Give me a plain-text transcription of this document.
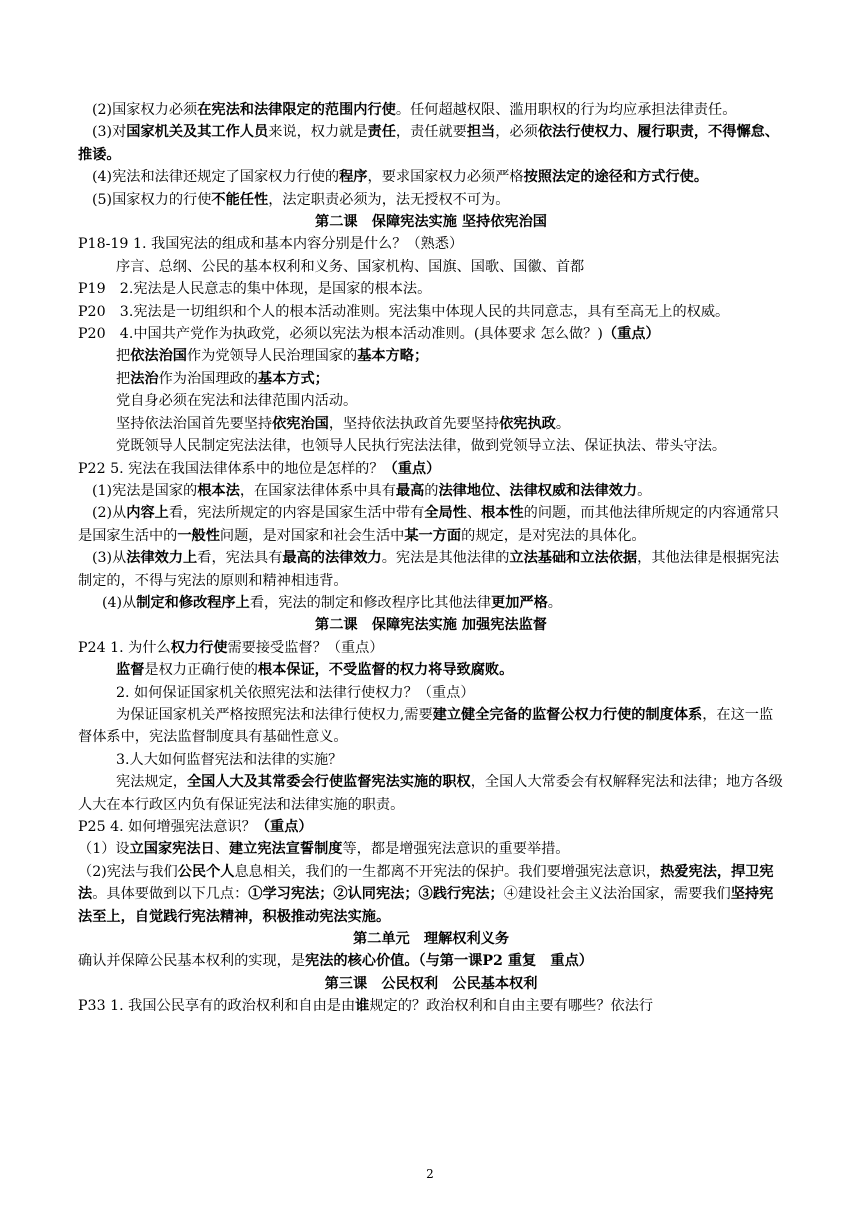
(2)国家权力必须在宪法和法律限定的范围内行使。任何超越权限、滥用职权的行为均应承担法律责任。

(3)对国家机关及其工作人员来说，权力就是责任，责任就要担当，必须依法行使权力、履行职责，不得懈怠、推诿。

(4)宪法和法律还规定了国家权力行使的程序，要求国家权力必须严格按照法定的途径和方式行使。

(5)国家权力的行使不能任性，法定职责必须为，法无授权不可为。

第二课　保障宪法实施 坚持依宪治国

P18-19 1. 我国宪法的组成和基本内容分别是什么？（熟悉）

序言、总纲、公民的基本权利和义务、国家机构、国旗、国歌、国徽、首都

P19　2.宪法是人民意志的集中体现，是国家的根本法。

P20　3.宪法是一切组织和个人的根本活动准则。宪法集中体现人民的共同意志，具有至高无上的权威。

P20　4.中国共产党作为执政党，必须以宪法为根本活动准则。(具体要求 怎么做？)（重点）

把依法治国作为党领导人民治理国家的基本方略；

把法治作为治国理政的基本方式；

党自身必须在宪法和法律范围内活动。

坚持依法治国首先要坚持依宪治国，坚持依法执政首先要坚持依宪执政。

党既领导人民制定宪法法律，也领导人民执行宪法法律，做到党领导立法、保证执法、带头守法。

P22 5. 宪法在我国法律体系中的地位是怎样的？（重点）

(1)宪法是国家的根本法，在国家法律体系中具有最高的法律地位、法律权威和法律效力。

(2)从内容上看，宪法所规定的内容是国家生活中带有全局性、根本性的问题，而其他法律所规定的内容通常只是国家生活中的一般性问题，是对国家和社会生活中某一方面的规定，是对宪法的具体化。

(3)从法律效力上看，宪法具有最高的法律效力。宪法是其他法律的立法基础和立法依据，其他法律是根据宪法制定的，不得与宪法的原则和精神相违背。

(4)从制定和修改程序上看，宪法的制定和修改程序比其他法律更加严格。

第二课　保障宪法实施 加强宪法监督

P24 1. 为什么权力行使需要接受监督？（重点）

监督是权力正确行使的根本保证，不受监督的权力将导致腐败。

2. 如何保证国家机关依照宪法和法律行使权力？（重点）

为保证国家机关严格按照宪法和法律行使权力,需要建立健全完备的监督公权力行使的制度体系，在这一监督体系中，宪法监督制度具有基础性意义。

3.人大如何监督宪法和法律的实施？

宪法规定，全国人大及其常委会行使监督宪法实施的职权，全国人大常委会有权解释宪法和法律；地方各级人大在本行政区内负有保证宪法和法律实施的职责。

P25 4. 如何增强宪法意识？（重点）

（1）设立国家宪法日、建立宪法宣誓制度等，都是增强宪法意识的重要举措。

（2)宪法与我们公民个人息息相关，我们的一生都离不开宪法的保护。我们要增强宪法意识，热爱宪法，捍卫宪法。具体要做到以下几点：①学习宪法；②认同宪法；③践行宪法；④建设社会主义法治国家，需要我们坚持宪法至上，自觉践行宪法精神，积极推动宪法实施。

第二单元　理解权利义务

确认并保障公民基本权利的实现，是宪法的核心价值。（与第一课P2 重复　重点）

第三课　公民权利　公民基本权利

P33 1. 我国公民享有的政治权利和自由是由谁规定的？政治权利和自由主要有哪些？依法行

2
